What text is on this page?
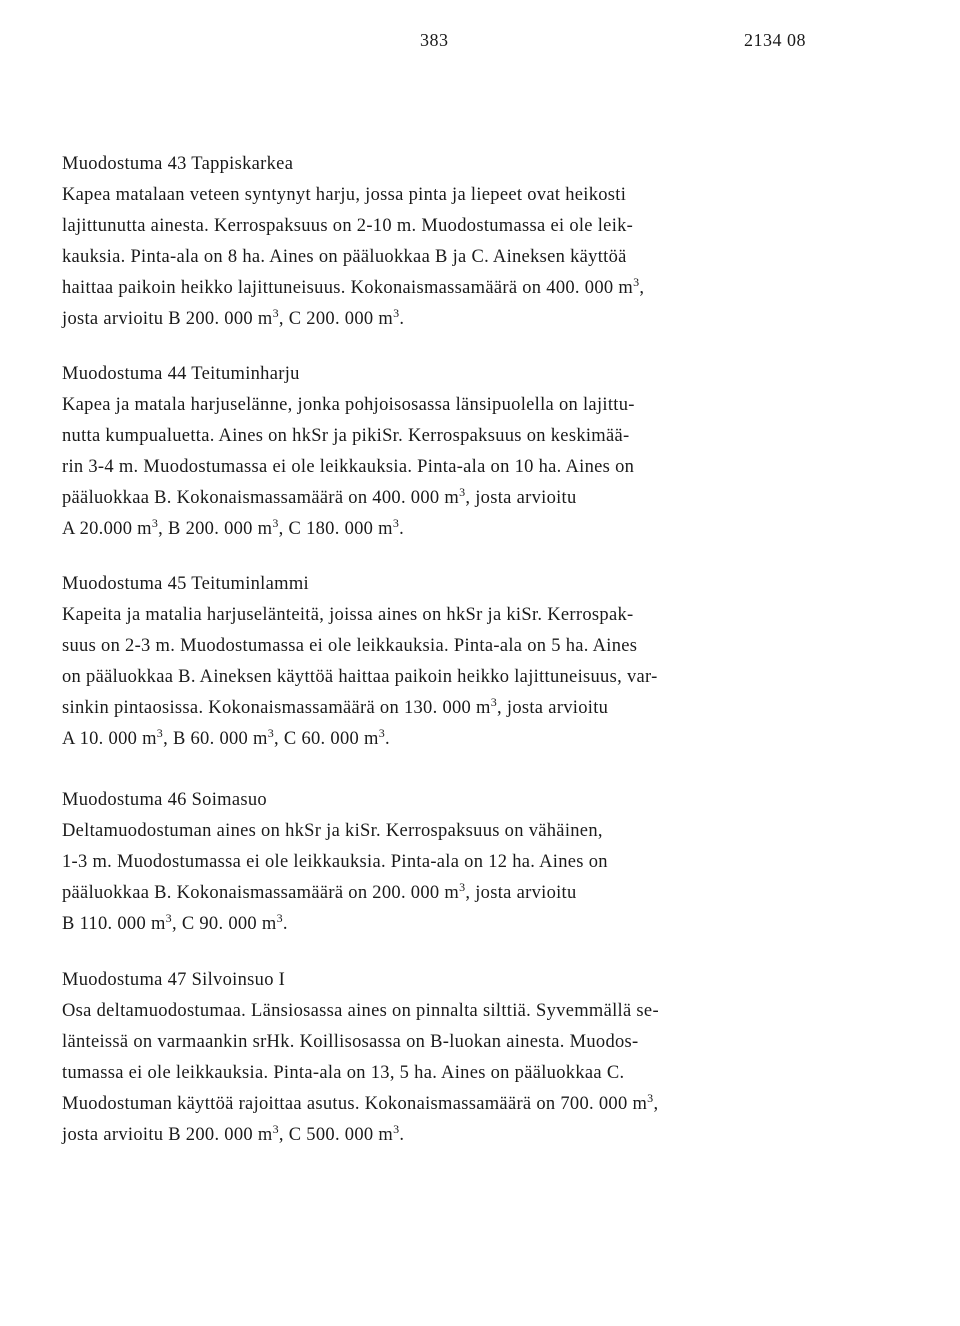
383	2134 08
Muodostuma 43 Tappiskarkea
Kapea matalaan veteen syntynyt harju, jossa pinta ja liepeet ovat heikosti
lajittunutta ainesta. Kerrospaksuus on 2-10 m. Muodostumassa ei ole leik-
kauksia. Pinta-ala on 8 ha. Aines on pääluokkaa B ja C. Aineksen käyttöä
haittaa paikoin heikko lajittuneisuus. Kokonaismassamäärä on 400. 000 $m^3$,
josta arvioitu B 200. 000 $m^3$, C 200. 000 $m^3$.
Muodostuma 44 Teituminharju
Kapea ja matala harjuselänne, jonka pohjoisosassa länsipuolella on lajittu-
nutta kumpualuetta. Aines on hkSr ja pikiSr. Kerrospaksuus on keskimää-
rin 3-4 m. Muodostumassa ei ole leikkauksia. Pinta-ala on 10 ha. Aines on
pääluokkaa B. Kokonaismassamäärä on 400. 000 $m^3$, josta arvioitu
A 20.000 $m^3$, B 200. 000 $m^3$, C 180. 000 $m^3$.
Muodostuma 45 Teituminlammi
Kapeita ja matalia harjuselänteitä, joissa aines on hkSr ja kiSr. Kerrospak-
suus on 2-3 m. Muodostumassa ei ole leikkauksia. Pinta-ala on 5 ha. Aines
on pääluokkaa B. Aineksen käyttöä haittaa paikoin heikko lajittuneisuus, var-
sinkin pintaosissa. Kokonaismassamäärä on 130. 000 $m^3$, josta arvioitu
A 10. 000 $m^3$, B 60. 000 $m^3$, C 60. 000 $m^3$.
Muodostuma 46 Soimasuo
Deltamuodostuman aines on hkSr ja kiSr. Kerrospaksuus on vähäinen,
1-3 m. Muodostumassa ei ole leikkauksia. Pinta-ala on 12 ha. Aines on
pääluokkaa B. Kokonaismassamäärä on 200. 000 $m^3$, josta arvioitu
B 110. 000 $m^3$, C 90. 000 $m^3$.
Muodostuma 47 Silvoinsuo I
Osa deltamuodostumaa. Länsiosassa aines on pinnalta silttiä. Syvemmällä se-
länteissä on varmaankin srHk. Koillisosassa on B-luokan ainesta. Muodos-
tumassa ei ole leikkauksia. Pinta-ala on 13, 5 ha. Aines on pääluokkaa C.
Muodostuman käyttöä rajoittaa asutus. Kokonaismassamäärä on 700. 000 $m^3$,
josta arvioitu B 200. 000 $m^3$, C 500. 000 $m^3$.
